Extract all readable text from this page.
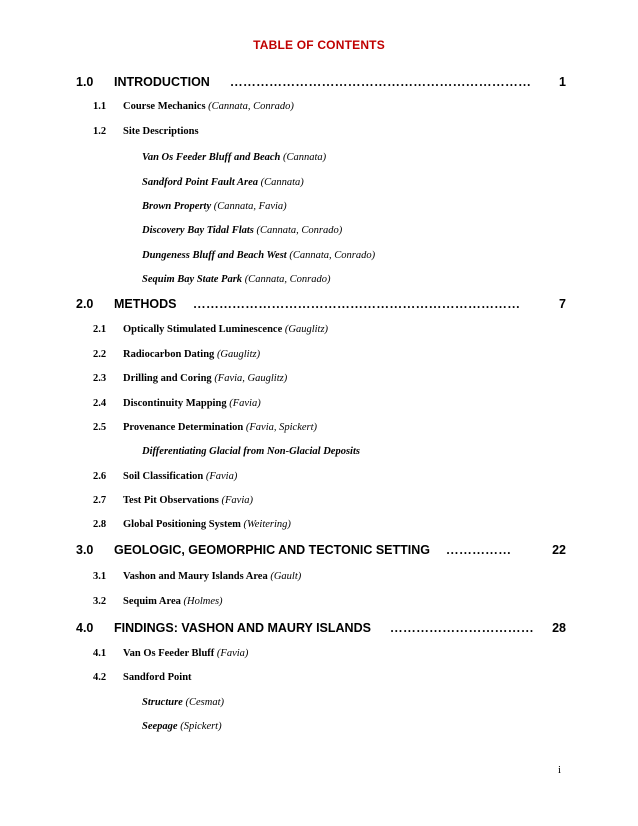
TABLE OF CONTENTS
1.0 INTRODUCTION …………………………………………………………… 1
1.1 Course Mechanics (Cannata, Conrado)
1.2 Site Descriptions
Van Os Feeder Bluff and Beach (Cannata)
Sandford Point Fault Area (Cannata)
Brown Property (Cannata, Favia)
Discovery Bay Tidal Flats (Cannata, Conrado)
Dungeness Bluff and Beach West (Cannata, Conrado)
Sequim Bay State Park (Cannata, Conrado)
2.0 METHODS …………………………………………………………………	7
2.1 Optically Stimulated Luminescence (Gauglitz)
2.2 Radiocarbon Dating (Gauglitz)
2.3 Drilling and Coring (Favia, Gauglitz)
2.4 Discontinuity Mapping (Favia)
2.5 Provenance Determination (Favia, Spickert)
Differentiating Glacial from Non-Glacial Deposits
2.6 Soil Classification (Favia)
2.7 Test Pit Observations (Favia)
2.8 Global Positioning System (Weitering)
3.0 GEOLOGIC, GEOMORPHIC AND TECTONIC SETTING ……………	22
3.1 Vashon and Maury Islands Area (Gault)
3.2 Sequim Area (Holmes)
4.0 FINDINGS: VASHON AND MAURY ISLANDS …………………………… 28
4.1 Van Os Feeder Bluff (Favia)
4.2 Sandford Point
Structure (Cesmat)
Seepage (Spickert)
i
